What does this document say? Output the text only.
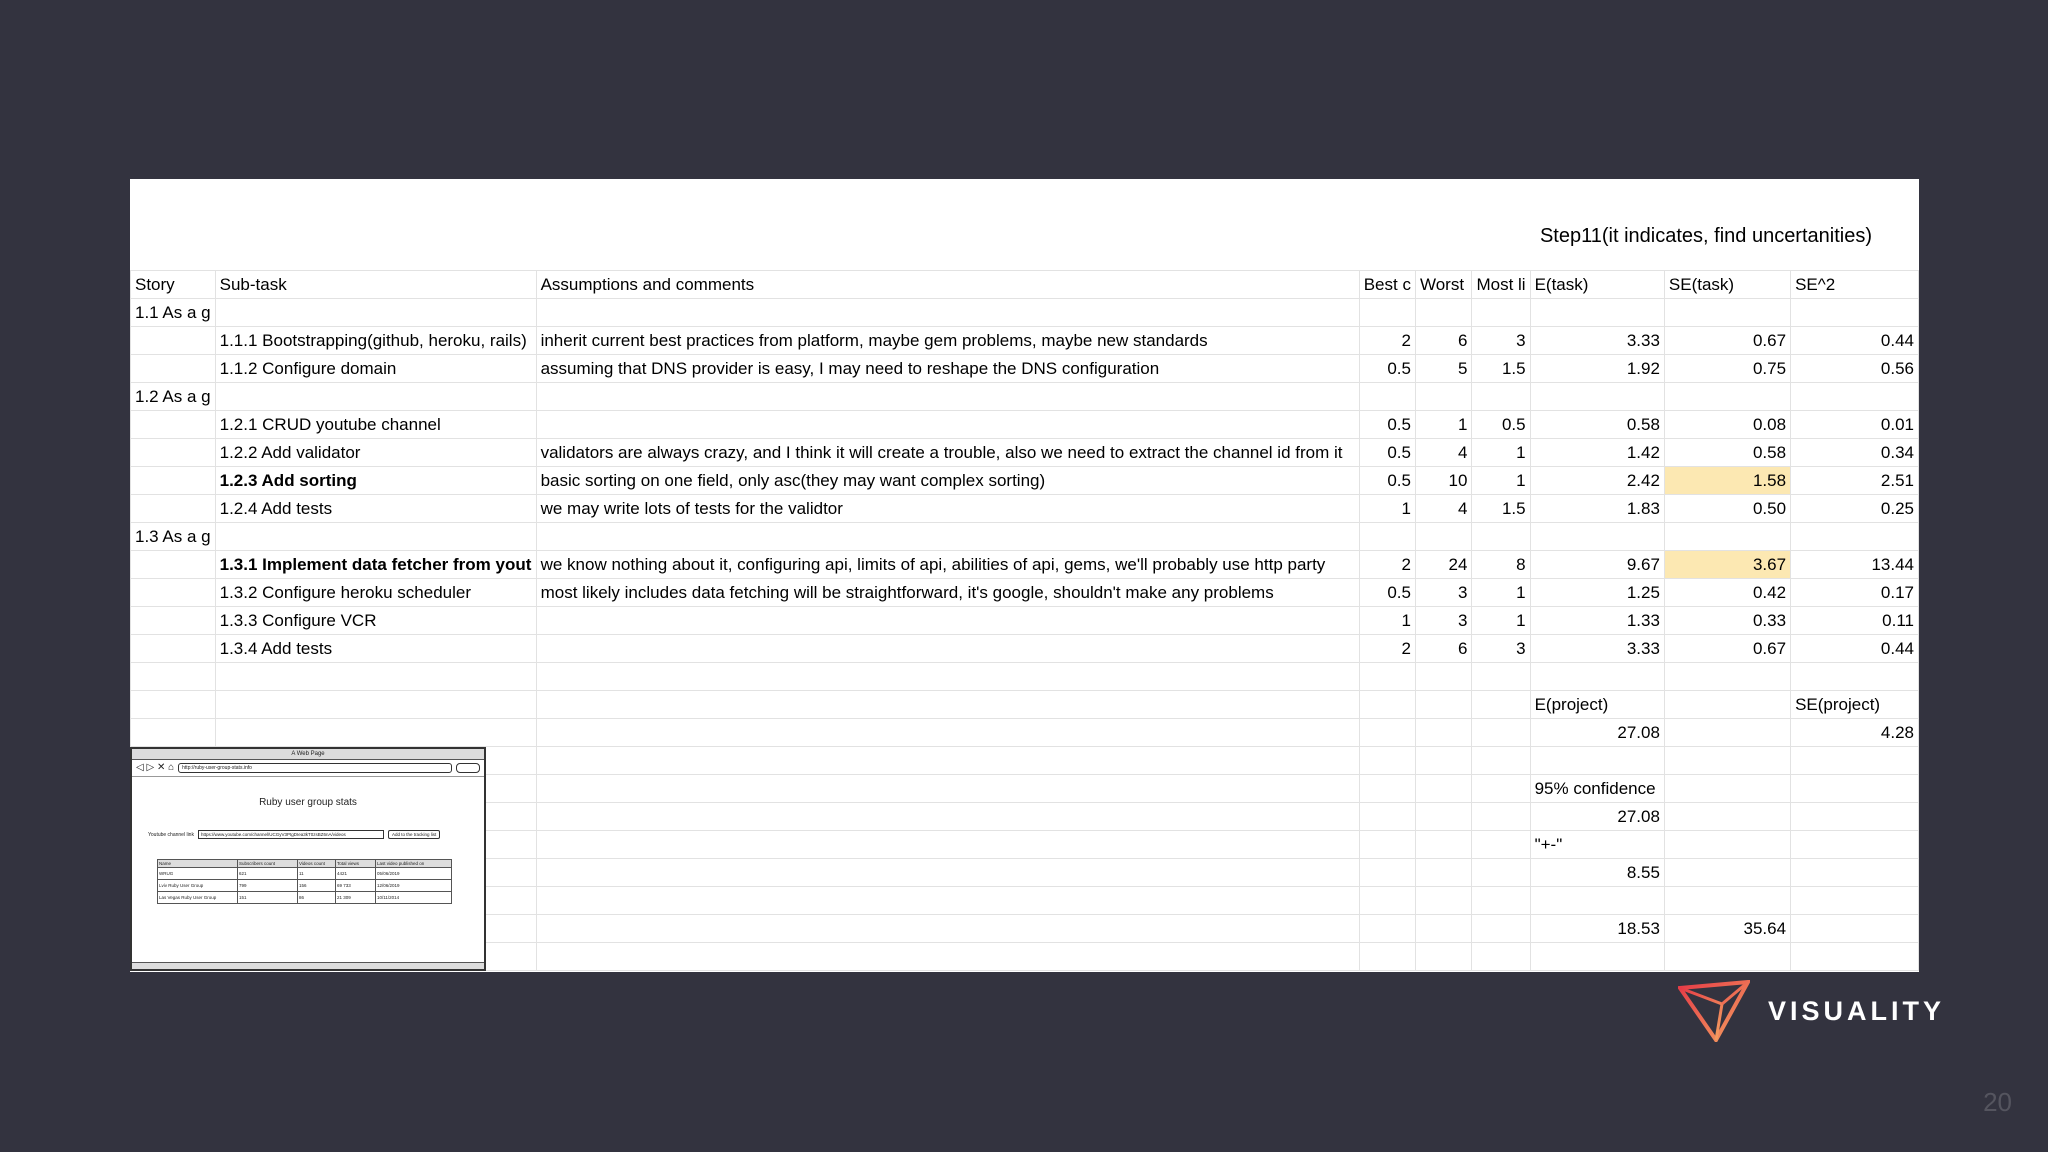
Step11(it indicates, find uncertanities)
Story	Sub-task	Assumptions and comments	Best c	Worst	Most li	E(task)	SE(task)	SE^2
1.1 As a g								
	1.1.1 Bootstrapping(github, heroku, rails)	inherit current best practices from platform, maybe gem problems, maybe new standards	2	6	3	3.33	0.67	0.44
	1.1.2 Configure domain	assuming that DNS provider is easy, I may need to reshape the DNS configuration	0.5	5	1.5	1.92	0.75	0.56
1.2 As a g								
	1.2.1 CRUD youtube channel		0.5	1	0.5	0.58	0.08	0.01
	1.2.2 Add validator	validators are always crazy, and I think it will create a trouble, also we need to extract the channel id from it	0.5	4	1	1.42	0.58	0.34
	1.2.3 Add sorting	basic sorting on one field, only asc(they may want complex sorting)	0.5	10	1	2.42	1.58	2.51
	1.2.4 Add tests	we may write lots of tests for the validtor	1	4	1.5	1.83	0.50	0.25
1.3 As a g								
	1.3.1 Implement data fetcher from yout	we know nothing about it, configuring api, limits of api, abilities of api, gems, we'll probably use http party	2	24	8	9.67	3.67	13.44
	1.3.2 Configure heroku scheduler	most likely includes data fetching will be straightforward, it's google, shouldn't make any problems	0.5	3	1	1.25	0.42	0.17
	1.3.3 Configure VCR		1	3	1	1.33	0.33	0.11
	1.3.4 Add tests		2	6	3	3.33	0.67	0.44

						E(project)		SE(project)
						27.08		4.28

						95% confidence		
						27.08		
						"+-"		
						8.55		

						18.53	35.64	

A Web Page
◁ ▷ ✕ ⌂	http://ruby-user-group-stats.info
Ruby user group stats
Youtube channel link	https://www.youtube.com/channel/UCGyV3PtgDIea3kT0zsBZ6nA/videos	Add to the tracking list
Name	Subscribers count	Videos count	Total views	Last video published on
WRUG	621	11	4421	05/06/2019
Lviv Ruby User Group	799	156	69 733	12/06/2019
Las Vegas Ruby User Group	151	86	21 309	10/11/2014
VISUALITY
20
